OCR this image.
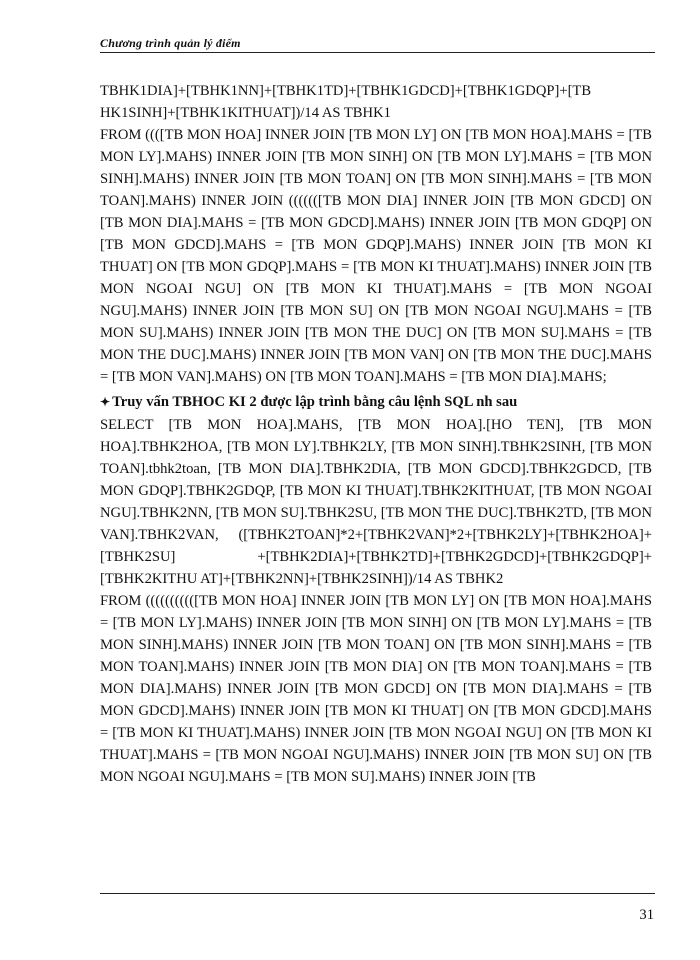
Chương trình quản lý điểm

TBHK1DIA]+[TBHK1NN]+[TBHK1TD]+[TBHK1GDCD]+[TBHK1GDQP]+[TB HK1SINH]+[TBHK1KITHUAT])/14 AS TBHK1

FROM ((([TB MON HOA] INNER JOIN [TB MON LY] ON [TB MON HOA].MAHS = [TB MON LY].MAHS) INNER JOIN [TB MON SINH] ON [TB MON LY].MAHS = [TB MON SINH].MAHS) INNER JOIN [TB MON TOAN] ON [TB MON SINH].MAHS = [TB MON TOAN].MAHS) INNER JOIN (((((([TB MON DIA] INNER JOIN [TB MON GDCD] ON [TB MON DIA].MAHS = [TB MON GDCD].MAHS) INNER JOIN [TB MON GDQP] ON [TB MON GDCD].MAHS = [TB MON GDQP].MAHS) INNER JOIN [TB MON KI THUAT] ON [TB MON GDQP].MAHS = [TB MON KI THUAT].MAHS) INNER JOIN [TB MON NGOAI NGU] ON [TB MON KI THUAT].MAHS = [TB MON NGOAI NGU].MAHS) INNER JOIN [TB MON SU] ON [TB MON NGOAI NGU].MAHS = [TB MON SU].MAHS) INNER JOIN [TB MON THE DUC] ON [TB MON SU].MAHS = [TB MON THE DUC].MAHS) INNER JOIN [TB MON VAN] ON [TB MON THE DUC].MAHS = [TB MON VAN].MAHS) ON [TB MON TOAN].MAHS = [TB MON DIA].MAHS;

✦ Truy vấn TBHOC KI 2 được lập trình bằng câu lệnh SQL nh sau

SELECT [TB MON HOA].MAHS, [TB MON HOA].[HO TEN], [TB MON HOA].TBHK2HOA, [TB MON LY].TBHK2LY, [TB MON SINH].TBHK2SINH, [TB MON TOAN].tbhk2toan, [TB MON DIA].TBHK2DIA, [TB MON GDCD].TBHK2GDCD, [TB MON GDQP].TBHK2GDQP, [TB MON KI THUAT].TBHK2KITHUAT, [TB MON NGOAI NGU].TBHK2NN, [TB MON SU].TBHK2SU, [TB MON THE DUC].TBHK2TD, [TB MON VAN].TBHK2VAN, ([TBHK2TOAN]*2+[TBHK2VAN]*2+[TBHK2LY]+[TBHK2HOA]+[TBHK2SU] +[TBHK2DIA]+[TBHK2TD]+[TBHK2GDCD]+[TBHK2GDQP]+[TBHK2KITHU AT]+[TBHK2NN]+[TBHK2SINH])/14 AS TBHK2

FROM (((((((((([TB MON HOA] INNER JOIN [TB MON LY] ON [TB MON HOA].MAHS = [TB MON LY].MAHS) INNER JOIN [TB MON SINH] ON [TB MON LY].MAHS = [TB MON SINH].MAHS) INNER JOIN [TB MON TOAN] ON [TB MON SINH].MAHS = [TB MON TOAN].MAHS) INNER JOIN [TB MON DIA] ON [TB MON TOAN].MAHS = [TB MON DIA].MAHS) INNER JOIN [TB MON GDCD] ON [TB MON DIA].MAHS = [TB MON GDCD].MAHS) INNER JOIN [TB MON KI THUAT] ON [TB MON GDCD].MAHS = [TB MON KI THUAT].MAHS) INNER JOIN [TB MON NGOAI NGU] ON [TB MON KI THUAT].MAHS = [TB MON NGOAI NGU].MAHS) INNER JOIN [TB MON SU] ON [TB MON NGOAI NGU].MAHS = [TB MON SU].MAHS) INNER JOIN [TB

31
